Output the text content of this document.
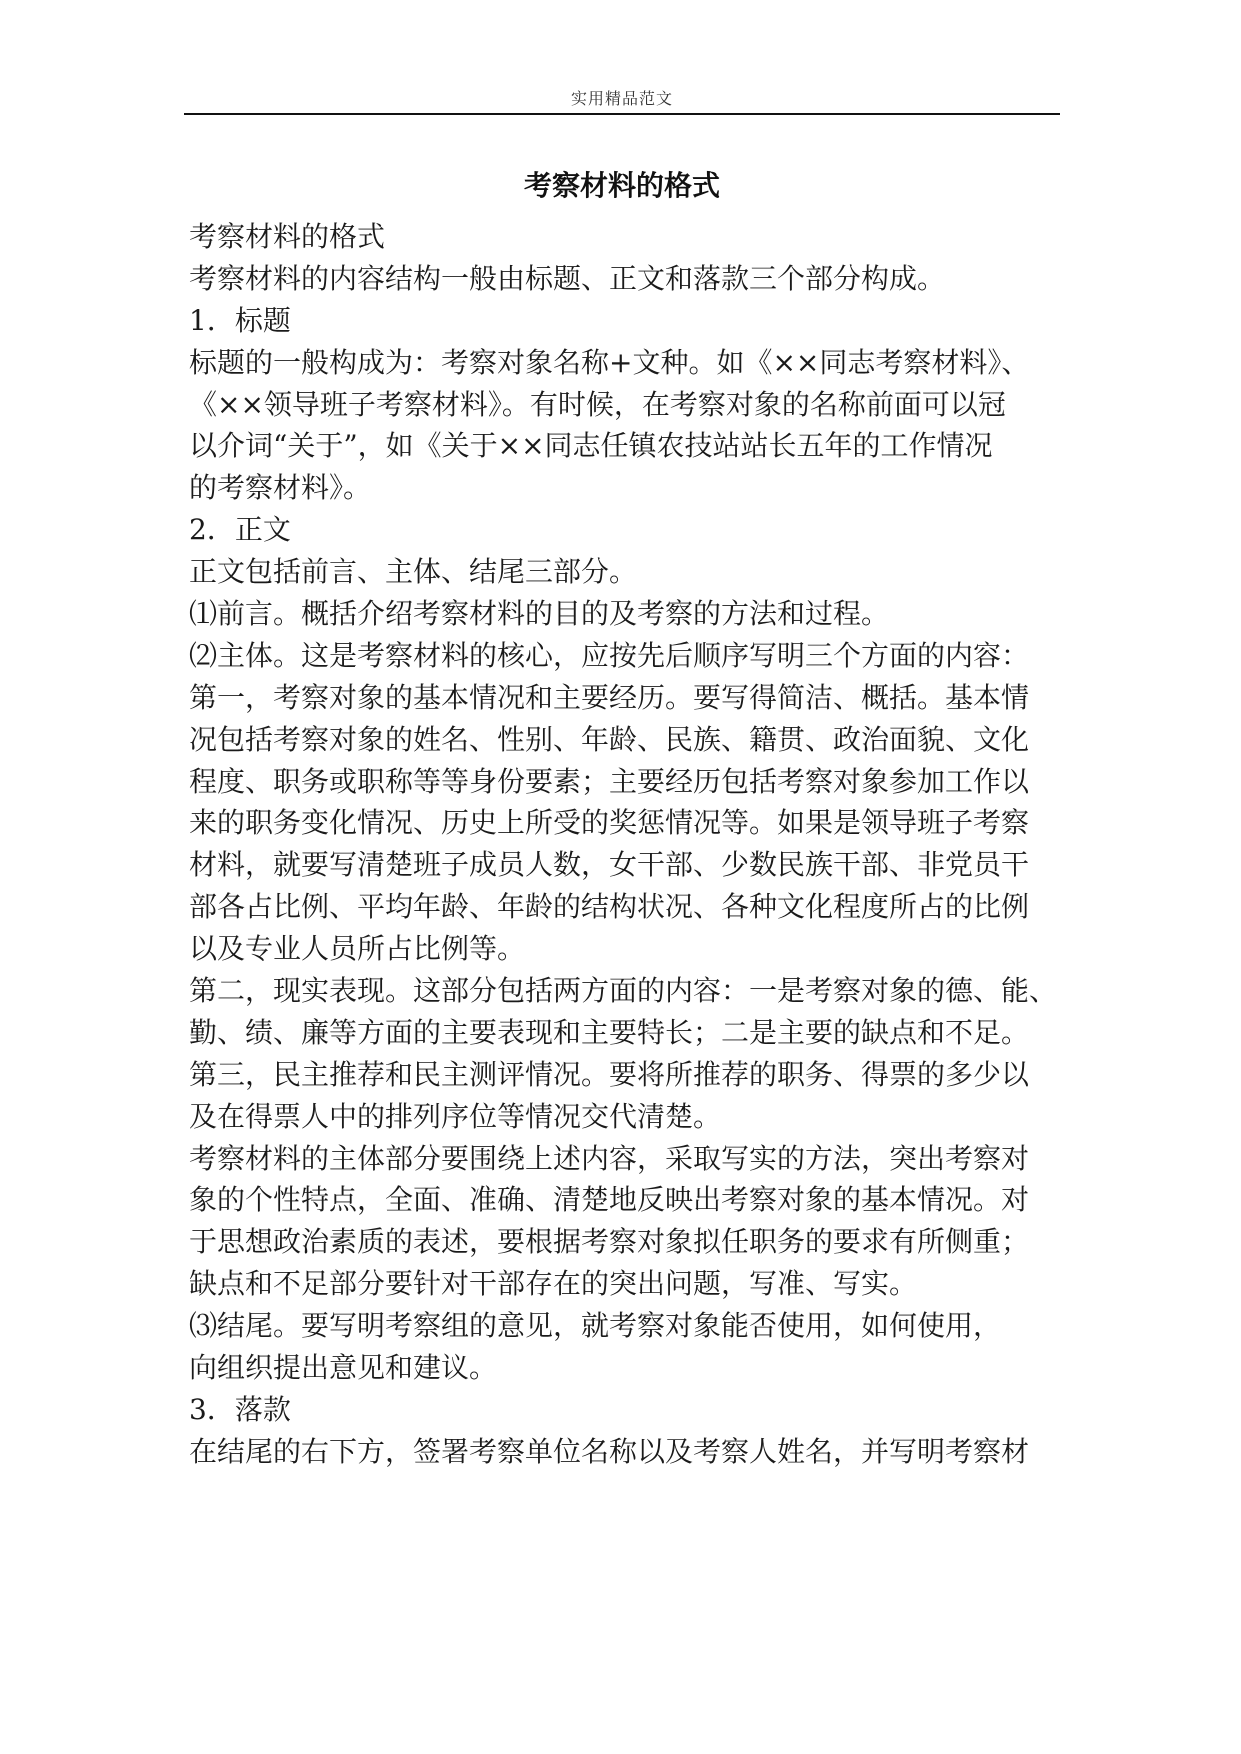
实用精品范文
考察材料的格式
考察材料的格式
考察材料的内容结构一般由标题、正文和落款三个部分构成。
1．标题
标题的一般构成为：考察对象名称+文种。如《××同志考察材料》、
《××领导班子考察材料》。有时候，在考察对象的名称前面可以冠
以介词“关于”，如《关于××同志任镇农技站站长五年的工作情况
的考察材料》。
2．正文
正文包括前言、主体、结尾三部分。
⑴前言。概括介绍考察材料的目的及考察的方法和过程。
⑵主体。这是考察材料的核心，应按先后顺序写明三个方面的内容：
第一，考察对象的基本情况和主要经历。要写得简洁、概括。基本情
况包括考察对象的姓名、性别、年龄、民族、籍贯、政治面貌、文化
程度、职务或职称等等身份要素；主要经历包括考察对象参加工作以
来的职务变化情况、历史上所受的奖惩情况等。如果是领导班子考察
材料，就要写清楚班子成员人数，女干部、少数民族干部、非党员干
部各占比例、平均年龄、年龄的结构状况、各种文化程度所占的比例
以及专业人员所占比例等。
第二，现实表现。这部分包括两方面的内容：一是考察对象的德、能、
勤、绩、廉等方面的主要表现和主要特长；二是主要的缺点和不足。
第三，民主推荐和民主测评情况。要将所推荐的职务、得票的多少以
及在得票人中的排列序位等情况交代清楚。
考察材料的主体部分要围绕上述内容，采取写实的方法，突出考察对
象的个性特点，全面、准确、清楚地反映出考察对象的基本情况。对
于思想政治素质的表述，要根据考察对象拟任职务的要求有所侧重；
缺点和不足部分要针对干部存在的突出问题，写准、写实。
⑶结尾。要写明考察组的意见，就考察对象能否使用，如何使用，
向组织提出意见和建议。
3．落款
在结尾的右下方，签署考察单位名称以及考察人姓名，并写明考察材
